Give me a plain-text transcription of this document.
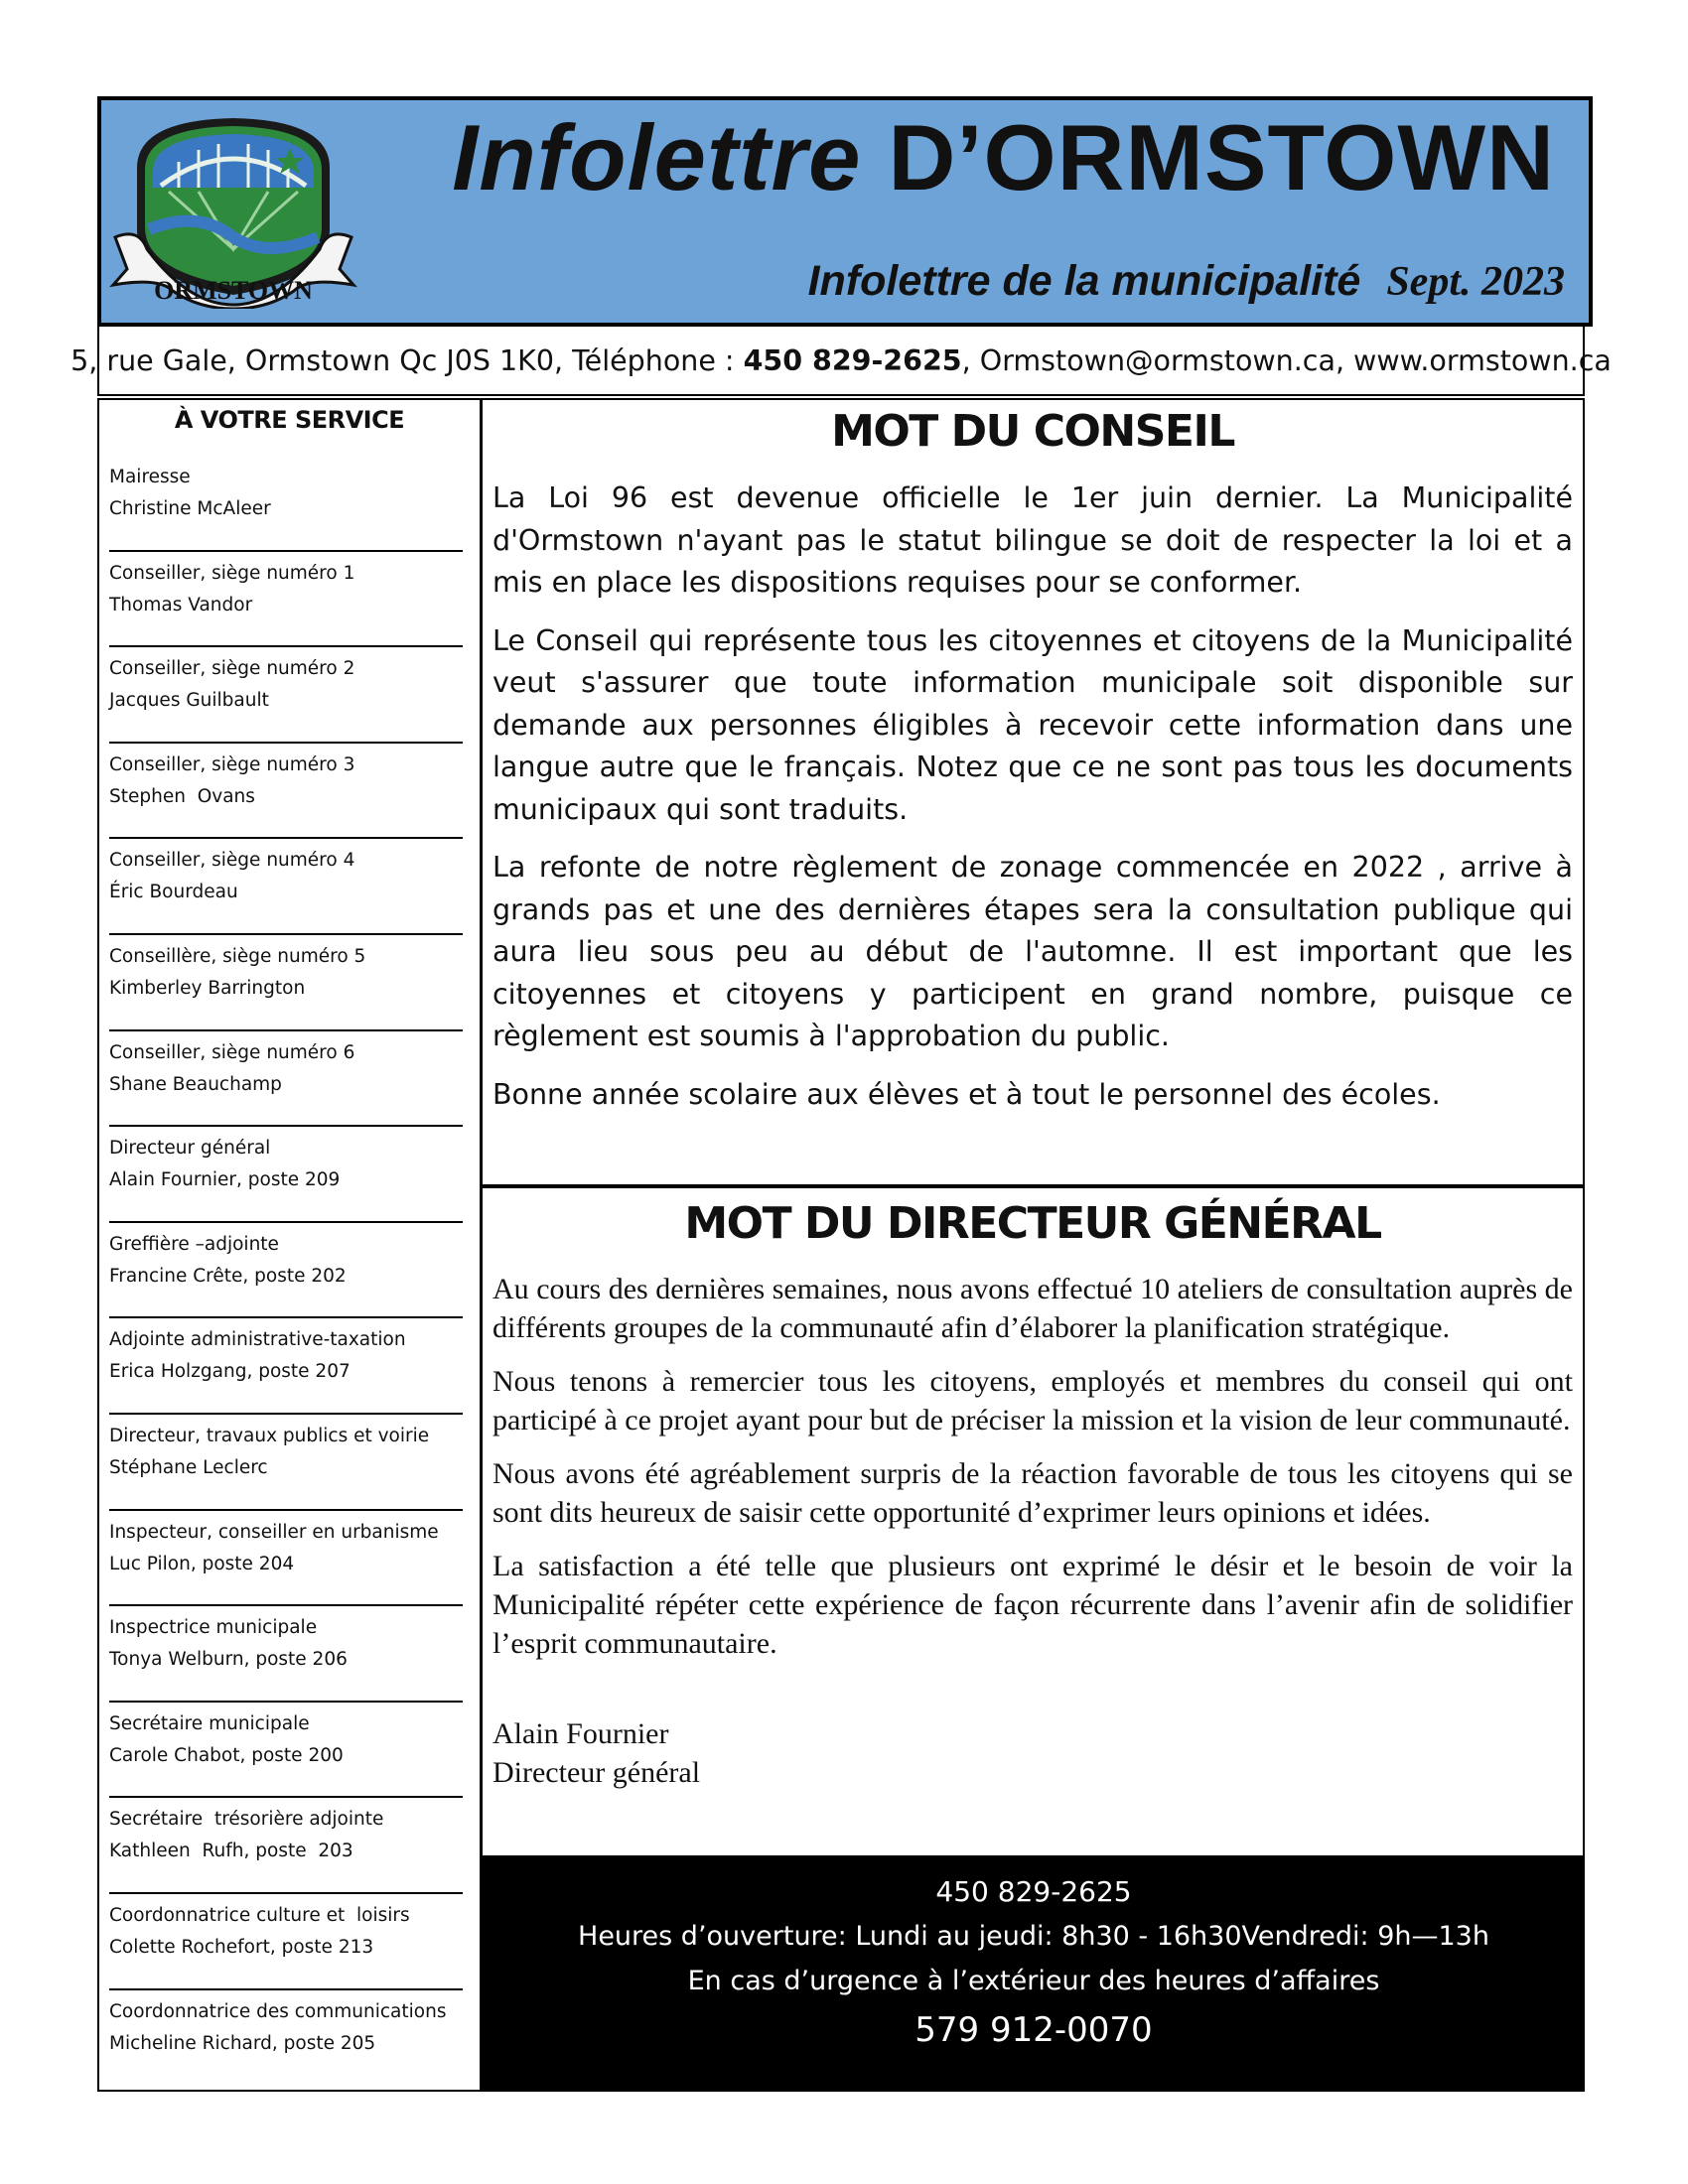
ORMSTOWN
Infolettre D’ORMSTOWN

Infolettre de la municipalité Sept. 2023

5, rue Gale, Ormstown Qc J0S 1K0, Téléphone : 450 829-2625 , Ormstown@ormstown.ca, www.ormstown.ca
À VOTRE SERVICE
Mairesse
Christine McAleer
Conseiller, siège numéro 1
Thomas Vandor
Conseiller, siège numéro 2
Jacques Guilbault
Conseiller, siège numéro 3
Stephen  Ovans
Conseiller, siège numéro 4
Éric Bourdeau
Conseillère, siège numéro 5
Kimberley Barrington
Conseiller, siège numéro 6
Shane Beauchamp
Directeur général
Alain Fournier, poste 209
Greffière –adjointe
Francine Crête, poste 202
Adjointe administrative-taxation
Erica Holzgang, poste 207
Directeur, travaux publics et voirie
Stéphane Leclerc
Inspecteur, conseiller en urbanisme
Luc Pilon, poste 204
Inspectrice municipale
Tonya Welburn, poste 206
Secrétaire municipale
Carole Chabot, poste 200
Secrétaire  trésorière adjointe
Kathleen  Rufh, poste  203
Coordonnatrice culture et  loisirs
Colette Rochefort, poste 213
Coordonnatrice des communications
Micheline Richard, poste 205
MOT DU CONSEIL

La Loi 96 est devenue officielle le 1er juin dernier. La Municipalité d'Ormstown n'ayant pas le statut bilingue se doit de respecter la loi et a mis en place les dispositions requises pour se conformer.

Le Conseil qui représente tous les citoyennes et citoyens de la Municipalité veut s'assurer que toute information municipale soit disponible sur demande aux personnes éligibles à recevoir cette information dans une langue autre que le français. Notez que ce ne sont pas tous les documents municipaux qui sont traduits.

La refonte de notre règlement de zonage commencée en 2022 , arrive à grands pas et une des dernières étapes sera la consultation publique qui aura lieu sous peu au début de l'automne. Il est important que les citoyennes et citoyens y participent en grand nombre, puisque ce règlement est soumis à l'approbation du public.

Bonne année scolaire aux élèves et à tout le personnel des écoles.

MOT DU DIRECTEUR GÉNÉRAL

Au cours des dernières semaines, nous avons effectué 10 ateliers de consultation auprès de différents groupes de la communauté afin d’élaborer la planification stratégique.

Nous tenons à remercier tous les citoyens, employés et membres du conseil qui ont participé à ce projet ayant pour but de préciser la mission et la vision de leur communauté.

Nous avons été agréablement surpris de la réaction favorable de tous les citoyens qui se sont dits heureux de saisir cette opportunité d’exprimer leurs opinions et idées.

La satisfaction a été telle que plusieurs ont exprimé le désir et le besoin de voir la Municipalité répéter cette expérience de façon récurrente dans l’avenir afin de solidifier l’esprit communautaire.

Alain Fournier
Directeur général
450 829-2625
Heures d’ouverture: Lundi au jeudi: 8h30 - 16h30Vendredi: 9h—13h
En cas d’urgence à l’extérieur des heures d’affaires
579 912-0070
